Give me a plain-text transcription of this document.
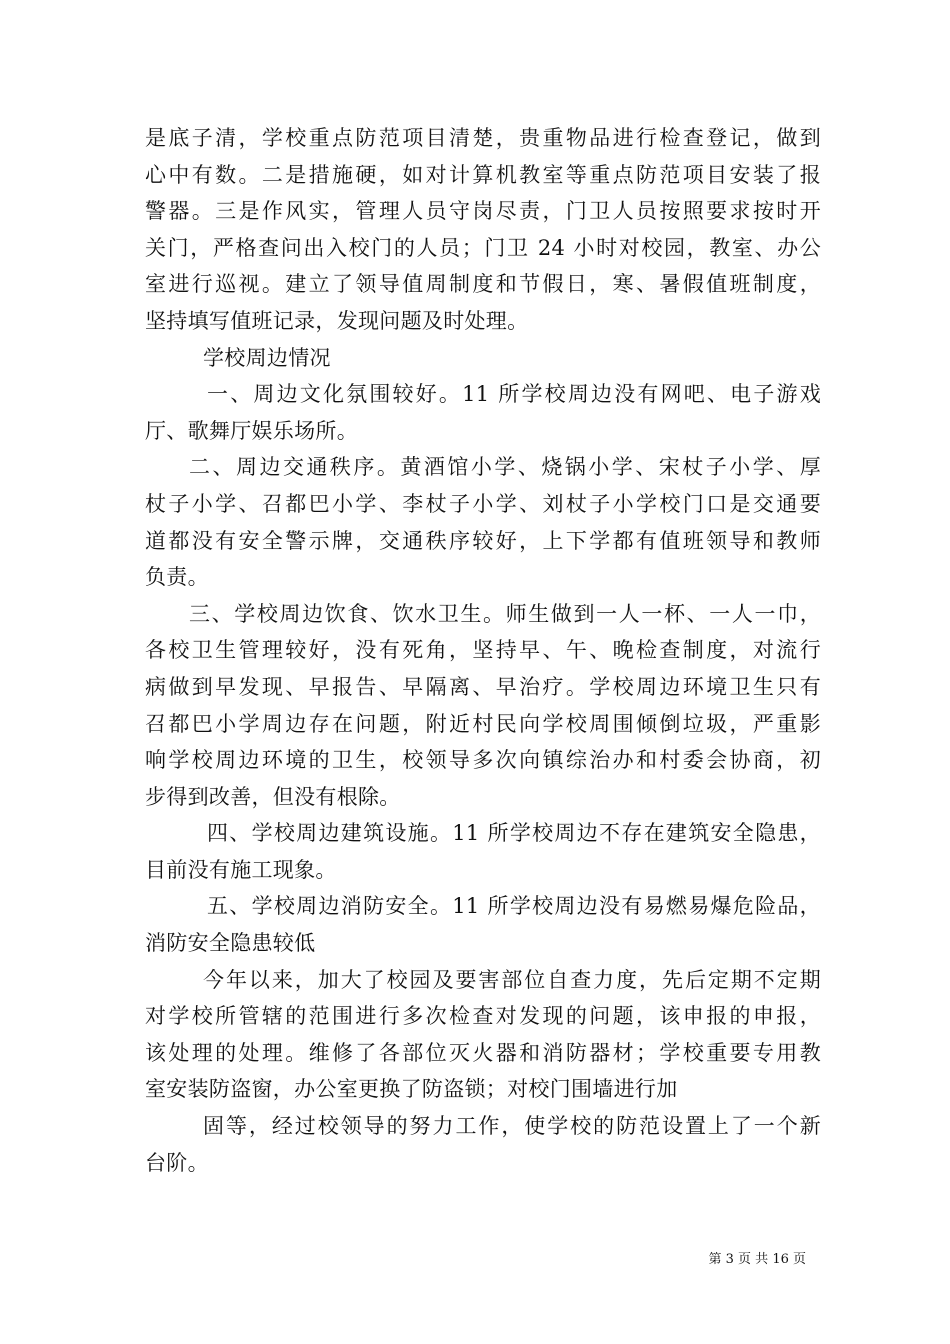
是底子清，学校重点防范项目清楚，贵重物品进行检查登记，做到
心中有数。二是措施硬，如对计算机教室等重点防范项目安装了报
警器。三是作风实，管理人员守岗尽责，门卫人员按照要求按时开
关门，严格查问出入校门的人员；门卫 24 小时对校园，教室、办公
室进行巡视。建立了领导值周制度和节假日，寒、暑假值班制度，
坚持填写值班记录，发现问题及时处理。
学校周边情况
一、周边文化氛围较好。11 所学校周边没有网吧、电子游戏
厅、歌舞厅娱乐场所。
二、周边交通秩序。黄酒馆小学、烧锅小学、宋杖子小学、厚
杖子小学、召都巴小学、李杖子小学、刘杖子小学校门口是交通要
道都没有安全警示牌，交通秩序较好，上下学都有值班领导和教师
负责。
三、学校周边饮食、饮水卫生。师生做到一人一杯、一人一巾，
各校卫生管理较好，没有死角，坚持早、午、晚检查制度，对流行
病做到早发现、早报告、早隔离、早治疗。学校周边环境卫生只有
召都巴小学周边存在问题，附近村民向学校周围倾倒垃圾，严重影
响学校周边环境的卫生，校领导多次向镇综治办和村委会协商，初
步得到改善，但没有根除。
四、学校周边建筑设施。11 所学校周边不存在建筑安全隐患，
目前没有施工现象。
五、学校周边消防安全。11 所学校周边没有易燃易爆危险品，
消防安全隐患较低
今年以来，加大了校园及要害部位自查力度，先后定期不定期
对学校所管辖的范围进行多次检查对发现的问题，该申报的申报，
该处理的处理。维修了各部位灭火器和消防器材；学校重要专用教
室安装防盗窗，办公室更换了防盗锁；对校门围墙进行加
固等，经过校领导的努力工作，使学校的防范设置上了一个新
台阶。
第 3 页 共 16 页
